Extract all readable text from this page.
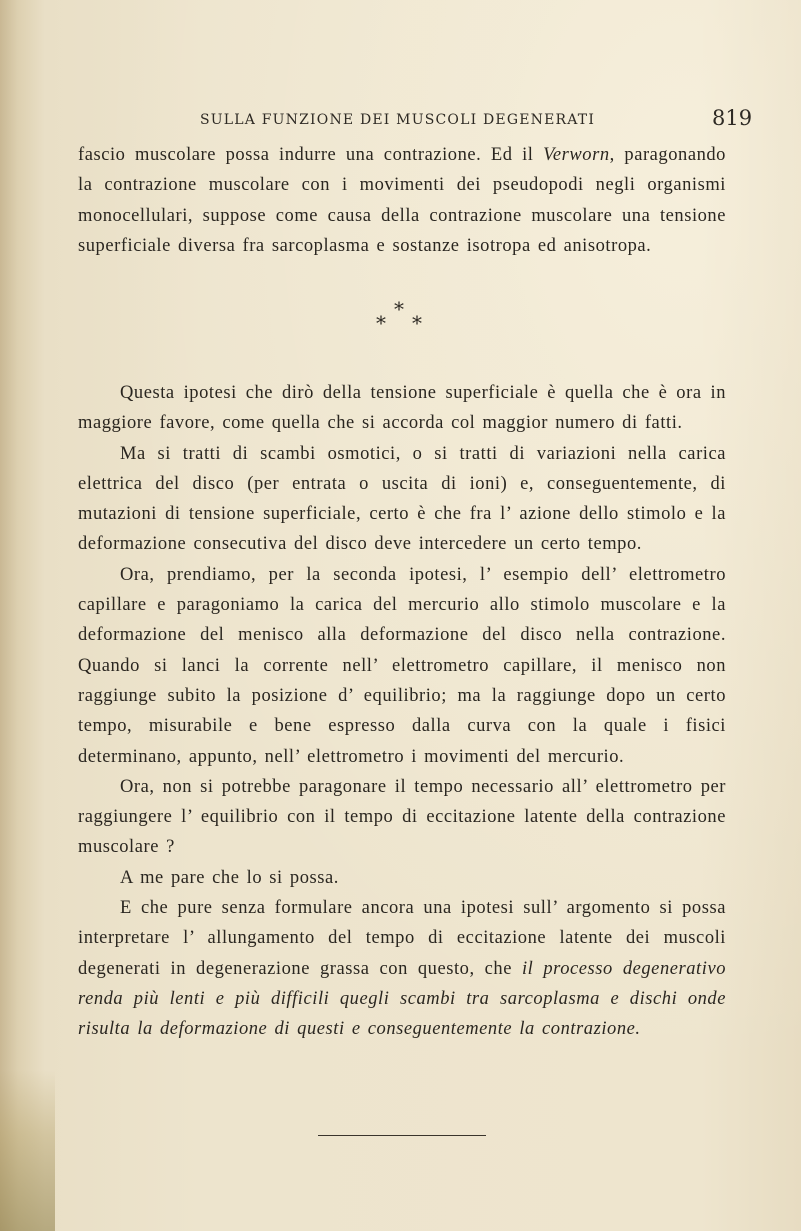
SULLA FUNZIONE DEI MUSCOLI DEGENERATI	819

fascio muscolare possa indurre una contrazione. Ed il Verworn, paragonando la contrazione muscolare con i movimenti dei pseudopodi negli organismi monocellulari, suppose come causa della contrazione muscolare una tensione superficiale diversa fra sarcoplasma e sostanze isotropa ed anisotropa.

*
* *

Questa ipotesi che dirò della tensione superficiale è quella che è ora in maggiore favore, come quella che si accorda col maggior numero di fatti.

Ma si tratti di scambi osmotici, o si tratti di variazioni nella carica elettrica del disco (per entrata o uscita di ioni) e, conseguentemente, di mutazioni di tensione superficiale, certo è che fra l’ azione dello stimolo e la deformazione consecutiva del disco deve intercedere un certo tempo.

Ora, prendiamo, per la seconda ipotesi, l’ esempio dell’ elettrometro capillare e paragoniamo la carica del mercurio allo stimolo muscolare e la deformazione del menisco alla deformazione del disco nella contrazione. Quando si lanci la corrente nell’ elettrometro capillare, il menisco non raggiunge subito la posizione d’ equilibrio; ma la raggiunge dopo un certo tempo, misurabile e bene espresso dalla curva con la quale i fisici determinano, appunto, nell’ elettrometro i movimenti del mercurio.

Ora, non si potrebbe paragonare il tempo necessario all’ elettrometro per raggiungere l’ equilibrio con il tempo di eccitazione latente della contrazione muscolare ?

A me pare che lo si possa.

E che pure senza formulare ancora una ipotesi sull’ argomento si possa interpretare l’ allungamento del tempo di eccitazione latente dei muscoli degenerati in degenerazione grassa con questo, che il processo degenerativo renda più lenti e più difficili quegli scambi tra sarcoplasma e dischi onde risulta la deformazione di questi e conseguentemente la contrazione.
